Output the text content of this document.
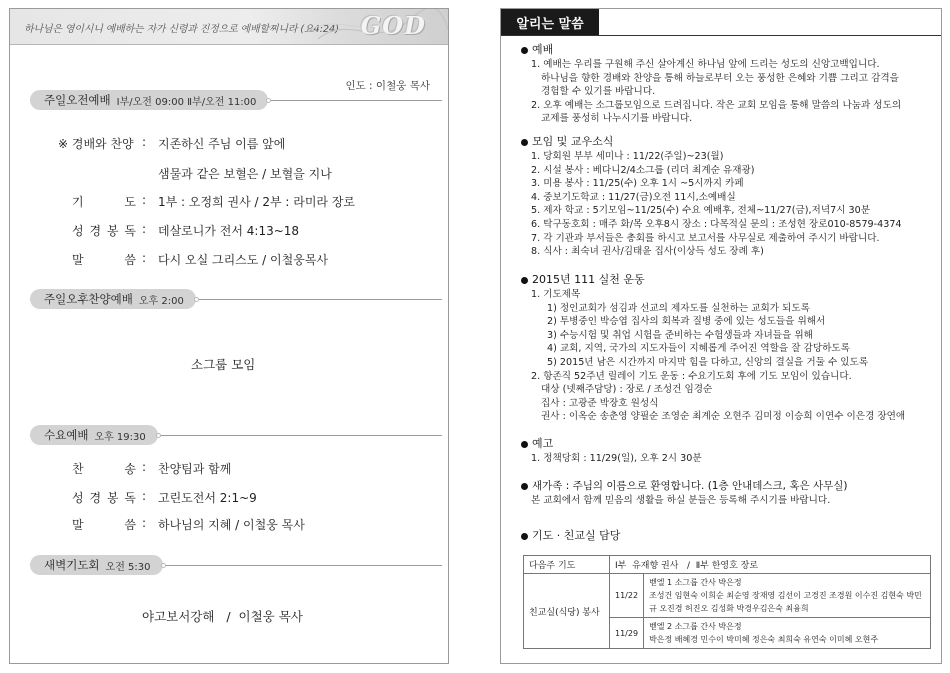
하나님은 영이시니 예배하는 자가 신령과 진정으로 예배할찌니라 (요4:24) GOD
인도 : 이철웅 목사
주일오전예배 Ⅰ부/오전 09:00 Ⅱ부/오전 11:00
※ 경배와 찬양 : 지존하신 주님 이름 앞에
샘물과 같은 보혈은 / 보혈을 지나
기 도 : 1부 : 오정희 권사 / 2부 : 라미라 장로
성 경 봉 독 : 데살로니가 전서 4:13~18
말 씀 : 다시 오실 그리스도 / 이철웅목사
주일오후찬양예배 오후 2:00
소그룹 모임
수요예배 오후 19:30
찬 송 : 찬양팀과 함께
성 경 봉 독 : 고린도전서 2:1~9
말 씀 : 하나님의 지혜 / 이철웅 목사
새벽기도회 오전 5:30
야고보서강해   /  이철웅 목사
알리는 말씀
예배
1. 예배는 우리를 구원해 주신 살아계신 하나님 앞에 드리는 성도의 신앙고백입니다.
하나님을 향한 경배와 찬양을 통해 하늘로부터 오는 풍성한 은혜와 기쁨 그리고 감격을
경험할 수 있기를 바랍니다.
2. 오후 예배는 소그룹모임으로 드려집니다. 작은 교회 모임을 통해 말씀의 나눔과 성도의
교제를 풍성히 나누시기를 바랍니다.
모임 및 교우소식
1. 당회원 부부 세미나 : 11/22(주일)~23(월)
2. 시설 봉사 : 베다니2/4소그룹 (리더 최계순 유재광)
3. 미용 봉사 : 11/25(수) 오후 1시 ~5시까지 카페
4. 중보기도학교 : 11/27(금)오전 11시,소예배실
5. 제자 학교 : 5기모임~11/25(수) 수요 예배후, 전체~11/27(금),저녁7시 30분
6. 탁구동호회 : 매주 화/목 오후8시 장소 : 다목적실 문의 : 조성현 장로010-8579-4374
7. 각 기관과 부서들은 총회를 하시고 보고서를 사무실로 제출하여 주시기 바랍니다.
8. 식사 : 최숙녀 권사/김태윤 집사(이상득 성도 장례 후)
2015년 111 실천 운동
1. 기도제목
1) 정인교회가 섬김과 선교의 제자도를 실천하는 교회가 되도록
2) 투병중인 박승엽 집사의 회복과 질병 중에 있는 성도들을 위해서
3) 수능시험 및 취업 시험을 준비하는 수험생들과 자녀들을 위해
4) 교회, 지역, 국가의 지도자들이 지혜롭게 주어진 역할을 잘 감당하도록
5) 2015년 남은 시간까지 마지막 힘을 다하고, 신앙의 결실을 거둘 수 있도록
2. 항존직 52주년 릴레이 기도 운동 : 수요기도회 후에 기도 모임이 있습니다.
대상 (넷째주담당) : 장로 / 조성건 임경순
집사 : 고광준 박장호 원성식
권사 : 이옥순 송춘영 양필순 조영순 최계순 오현주 김미정 이승희 이연수 이은경 장연애
예고
1. 정책당회 : 11/29(일), 오후 2시 30분
새가족 : 주님의 이름으로 환영합니다. (1층 안내데스크, 혹은 사무실)
본 교회에서 함께 믿음의 생활을 하실 분들은 등록해 주시기를 바랍니다.
기도 · 친교실 담당
다음주 기도	Ⅰ부  유재향 권사   /  Ⅱ부 한영호 장로	
친교실(식당) 봉사	11/22	벧엘 1 소그룹 간사 박은정
조성건 임현숙 이희순 최순영 장재영 김선이 고경진 조경원 이수진 김현숙 박민규 오진경 허진오 김성화 박경우김은숙 최융희

	11/29	벧엘 2 소그룹 간사 박은정
박은정 배혜경 민수이 박미혜 정은숙 최희숙 유연숙 이미혜 오현주
